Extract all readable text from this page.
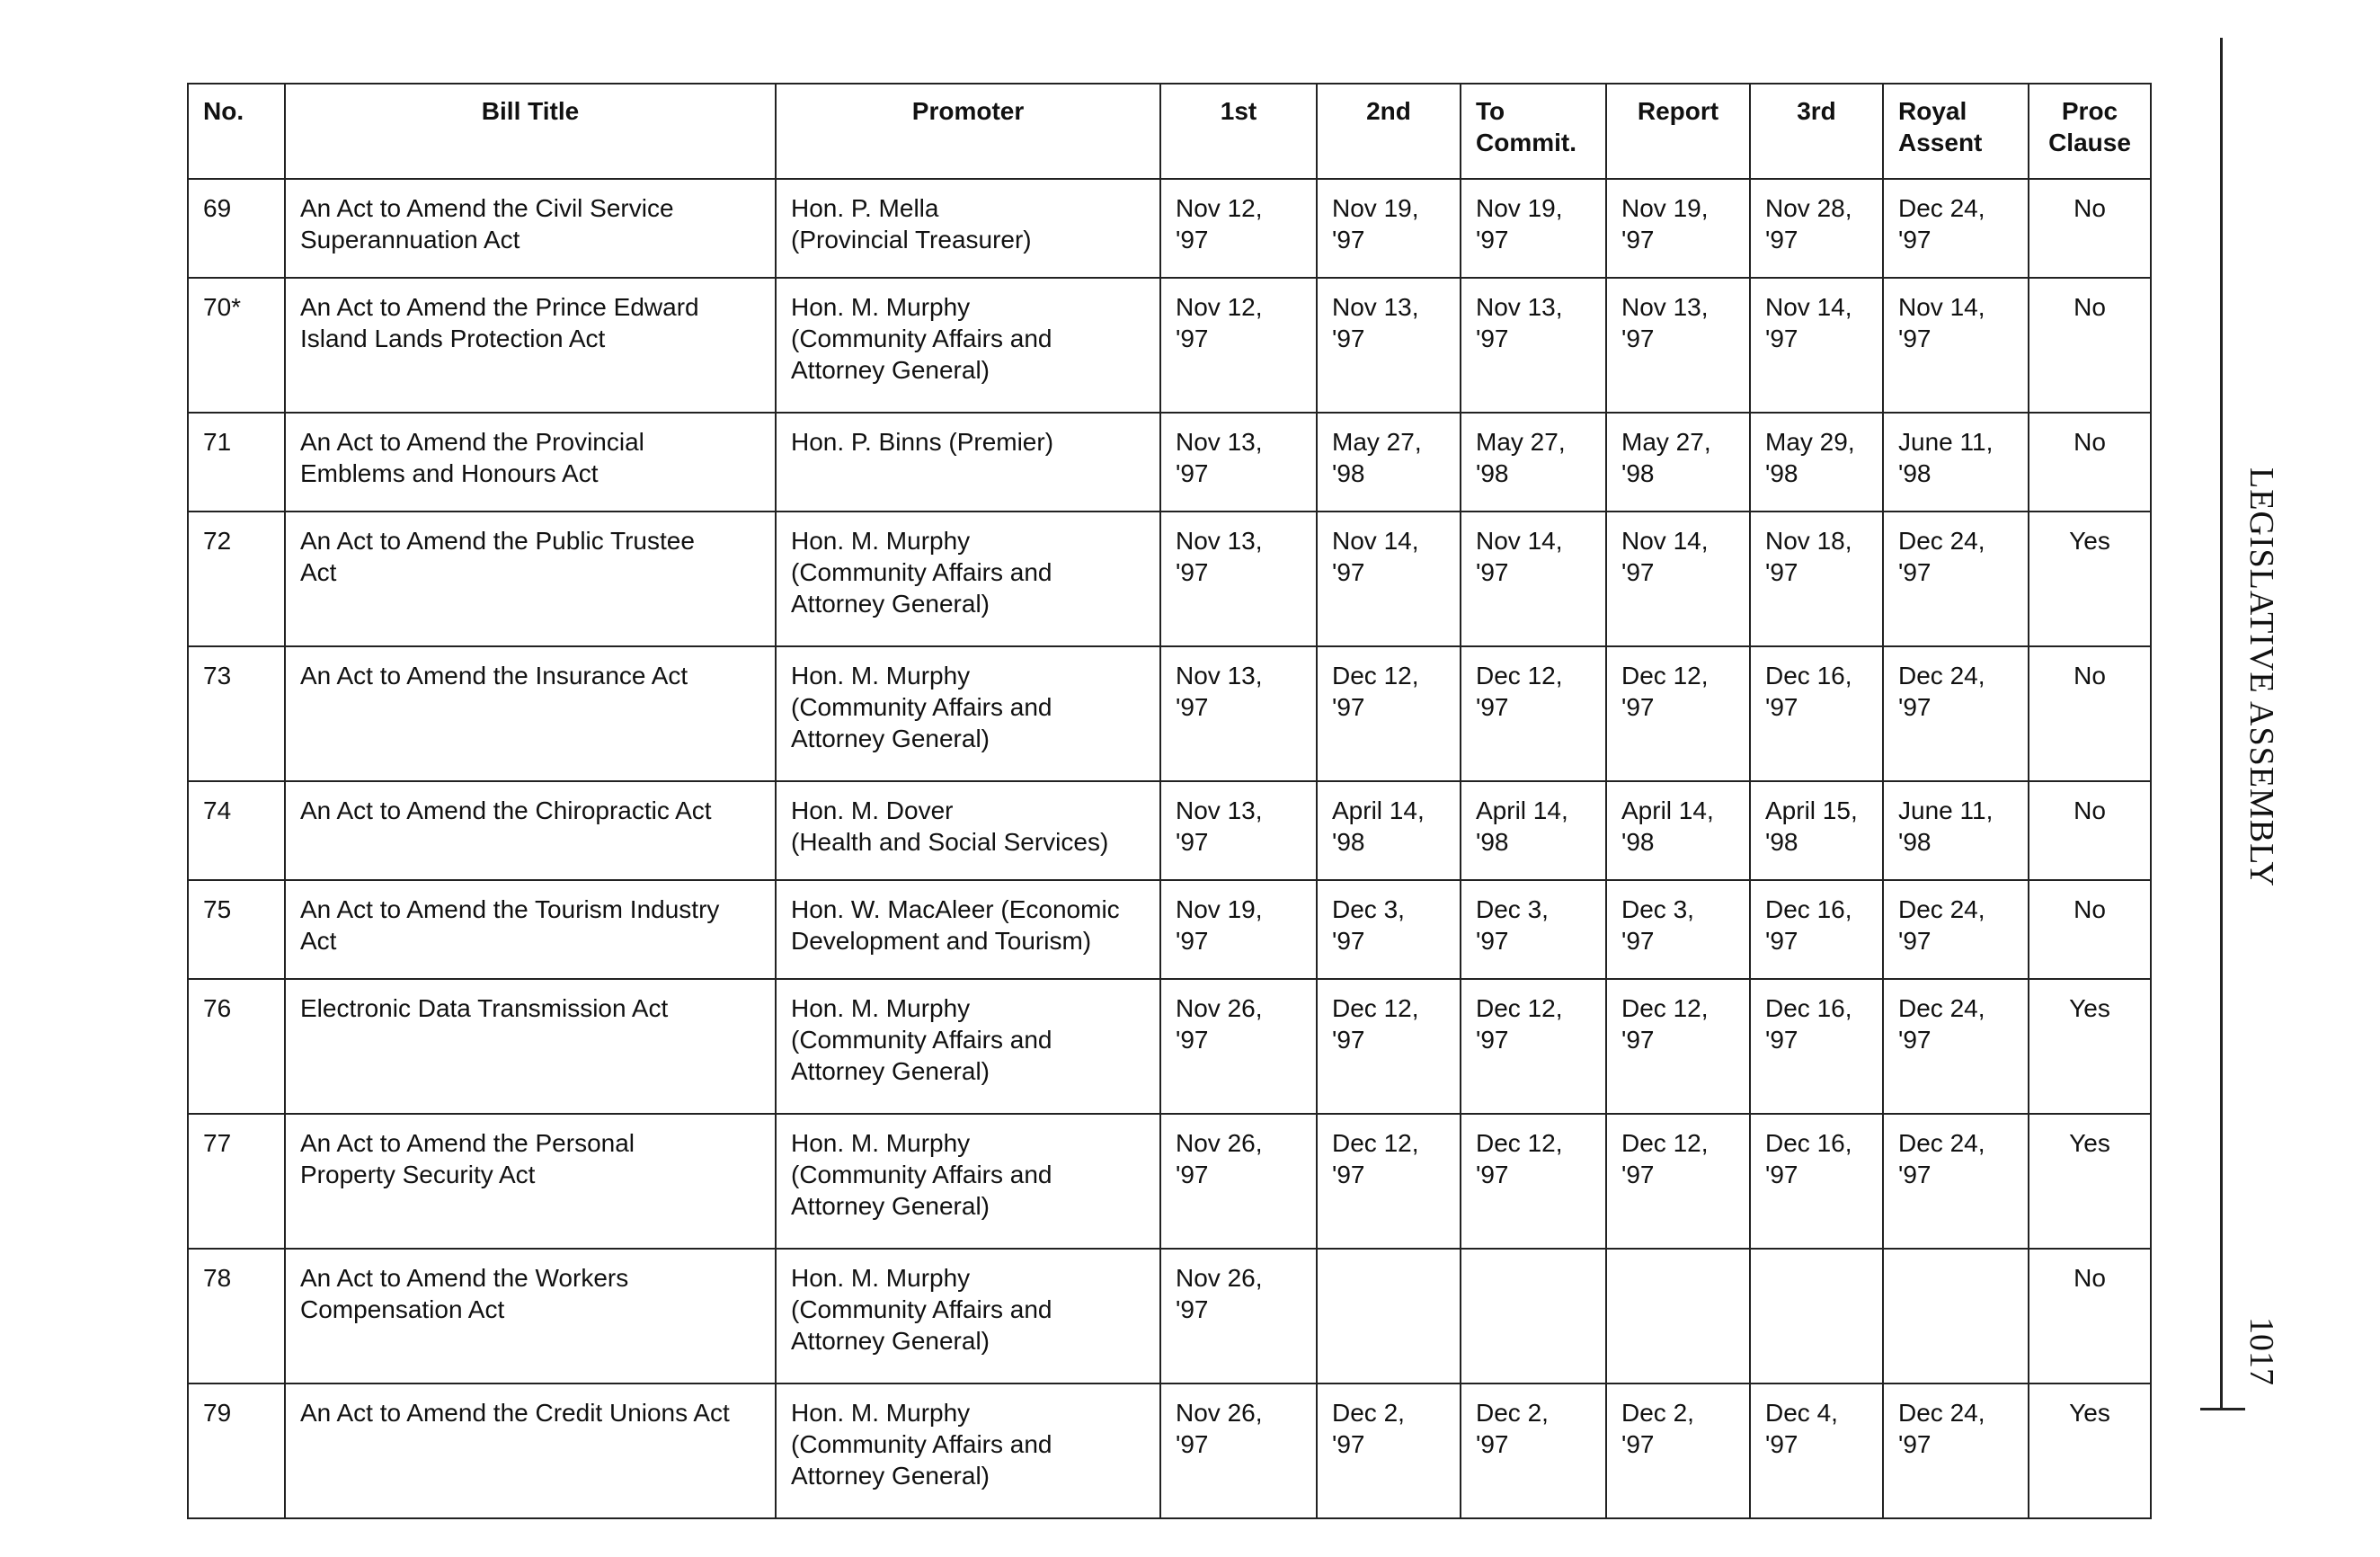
No.	Bill Title	Promoter	1st	2nd	To
Commit.	Report	3rd	Royal
Assent	Proc
Clause
69	An Act to Amend the Civil Service
Superannuation Act	Hon. P. Mella
(Provincial Treasurer)	Nov 12,
'97	Nov 19,
'97	Nov 19,
'97	Nov 19,
'97	Nov 28,
'97	Dec 24,
'97	No
70*	An Act to Amend the Prince Edward
Island Lands Protection Act	Hon. M. Murphy
(Community Affairs and
Attorney General)	Nov 12,
'97	Nov 13,
'97	Nov 13,
'97	Nov 13,
'97	Nov 14,
'97	Nov 14,
'97	No
71	An Act to Amend the Provincial
Emblems and Honours Act	Hon. P. Binns (Premier)	Nov 13,
'97	May 27,
'98	May 27,
'98	May 27,
'98	May 29,
'98	June 11,
'98	No
72	An Act to Amend the Public Trustee
Act	Hon. M. Murphy
(Community Affairs and
Attorney General)	Nov 13,
'97	Nov 14,
'97	Nov 14,
'97	Nov 14,
'97	Nov 18,
'97	Dec 24,
'97	Yes
73	An Act to Amend the Insurance Act	Hon. M. Murphy
(Community Affairs and
Attorney General)	Nov 13,
'97	Dec 12,
'97	Dec 12,
'97	Dec 12,
'97	Dec 16,
'97	Dec 24,
'97	No
74	An Act to Amend the Chiropractic Act	Hon. M. Dover
(Health and Social Services)	Nov 13,
'97	April 14,
'98	April 14,
'98	April 14,
'98	April 15,
'98	June 11,
'98	No
75	An Act to Amend the Tourism Industry
Act	Hon. W. MacAleer (Economic
Development and Tourism)	Nov 19,
'97	Dec 3,
'97	Dec 3,
'97	Dec 3,
'97	Dec 16,
'97	Dec 24,
'97	No
76	Electronic Data Transmission Act	Hon. M. Murphy
(Community Affairs and
Attorney General)	Nov 26,
'97	Dec 12,
'97	Dec 12,
'97	Dec 12,
'97	Dec 16,
'97	Dec 24,
'97	Yes
77	An Act to Amend the Personal
Property Security Act	Hon. M. Murphy
(Community Affairs and
Attorney General)	Nov 26,
'97	Dec 12,
'97	Dec 12,
'97	Dec 12,
'97	Dec 16,
'97	Dec 24,
'97	Yes
78	An Act to Amend the Workers
Compensation Act	Hon. M. Murphy
(Community Affairs and
Attorney General)	Nov 26,
'97						No
79	An Act to Amend the Credit Unions Act	Hon. M. Murphy
(Community Affairs and
Attorney General)	Nov 26,
'97	Dec 2,
'97	Dec 2,
'97	Dec 2,
'97	Dec 4,
'97	Dec 24,
'97	Yes
LEGISLATIVE ASSEMBLY
1017
